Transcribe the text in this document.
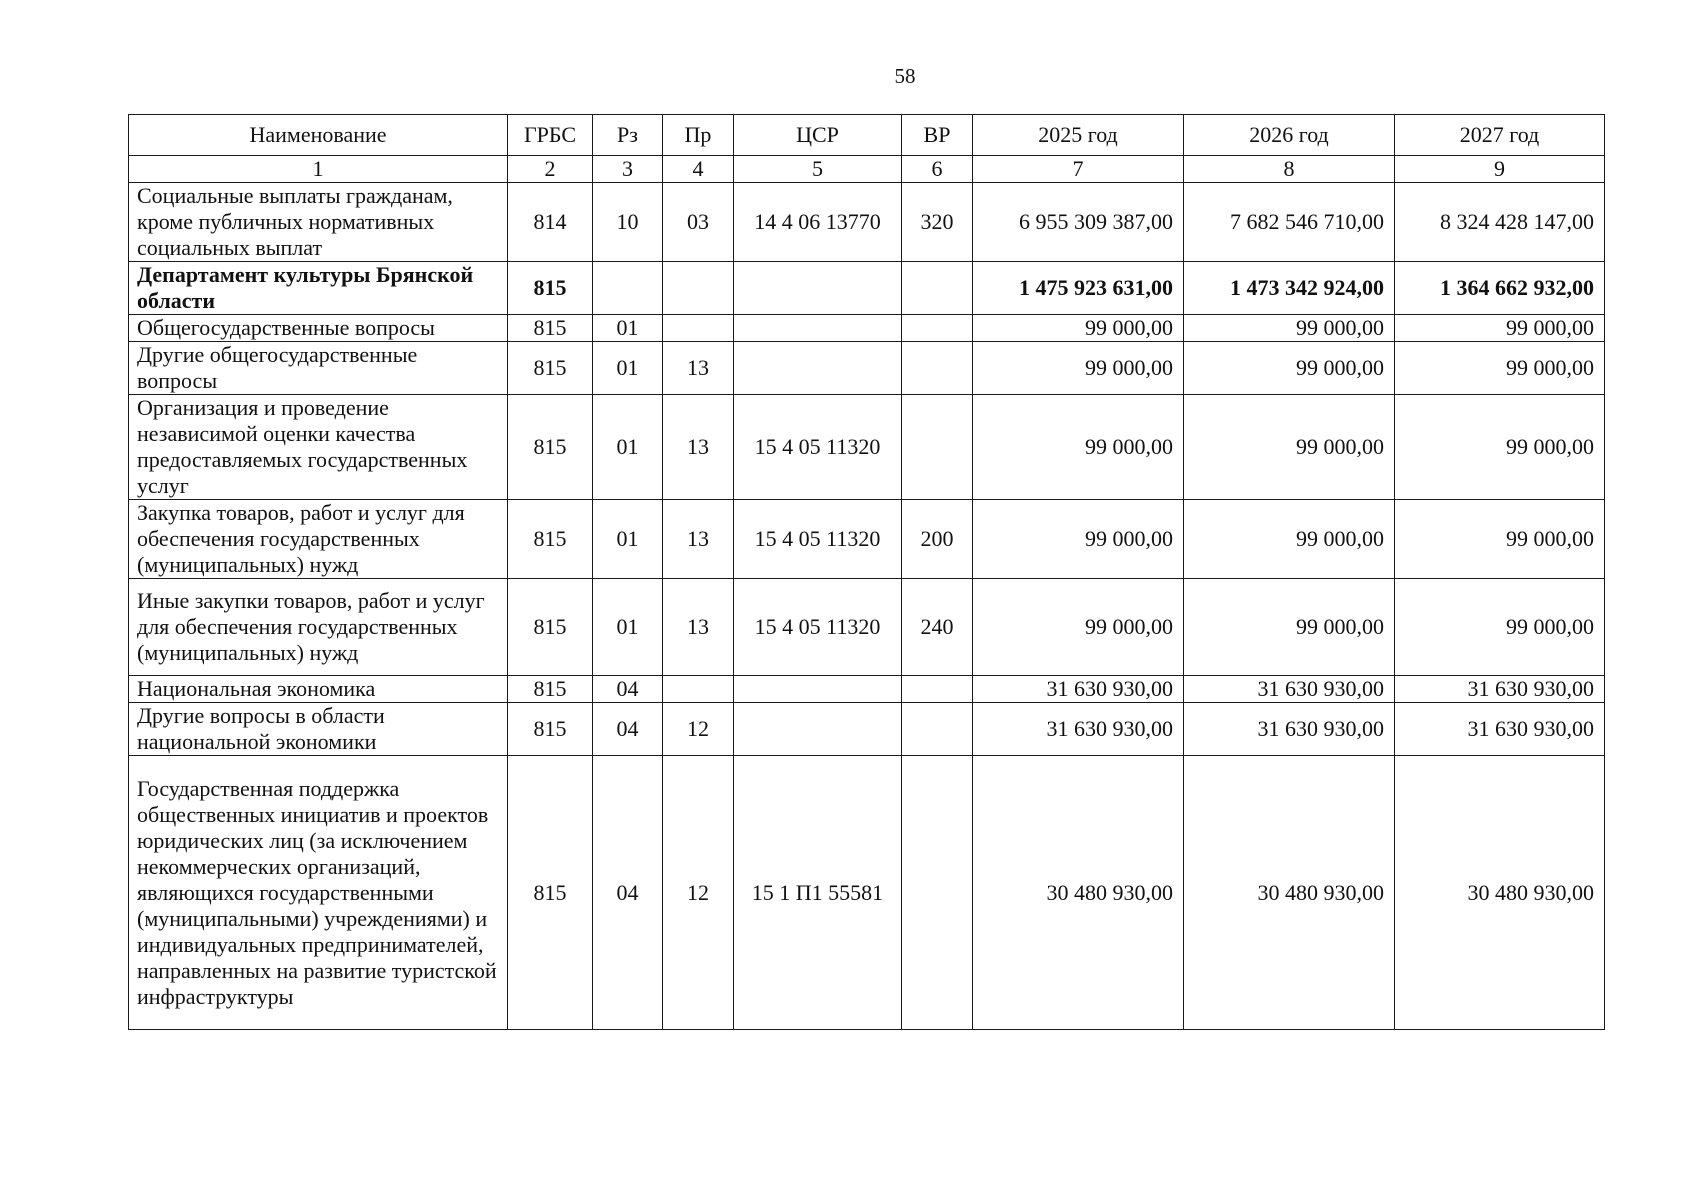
58
Наименование	ГРБС	Рз	Пр	ЦСР	ВР	2025 год	2026 год	2027 год
1	2	3	4	5	6	7	8	9
Социальные выплаты гражданам, кроме публичных нормативных социальных выплат	814	10	03	14 4 06 13770	320	6 955 309 387,00	7 682 546 710,00	8 324 428 147,00
Департамент культуры Брянской области	815					1 475 923 631,00	1 473 342 924,00	1 364 662 932,00
Общегосударственные вопросы	815	01				99 000,00	99 000,00	99 000,00
Другие общегосударственные вопросы	815	01	13			99 000,00	99 000,00	99 000,00
Организация и проведение независимой оценки качества предоставляемых государственных услуг	815	01	13	15 4 05 11320		99 000,00	99 000,00	99 000,00
Закупка товаров, работ и услуг для обеспечения государственных (муниципальных) нужд	815	01	13	15 4 05 11320	200	99 000,00	99 000,00	99 000,00
Иные закупки товаров, работ и услуг для обеспечения государственных (муниципальных) нужд	815	01	13	15 4 05 11320	240	99 000,00	99 000,00	99 000,00
Национальная экономика	815	04				31 630 930,00	31 630 930,00	31 630 930,00
Другие вопросы в области национальной экономики	815	04	12			31 630 930,00	31 630 930,00	31 630 930,00
Государственная поддержка общественных инициатив и проектов юридических лиц (за исключением некоммерческих организаций, являющихся государственными (муниципальными) учреждениями) и индивидуальных предпринимателей, направленных на развитие туристской инфраструктуры	815	04	12	15 1 П1 55581		30 480 930,00	30 480 930,00	30 480 930,00
